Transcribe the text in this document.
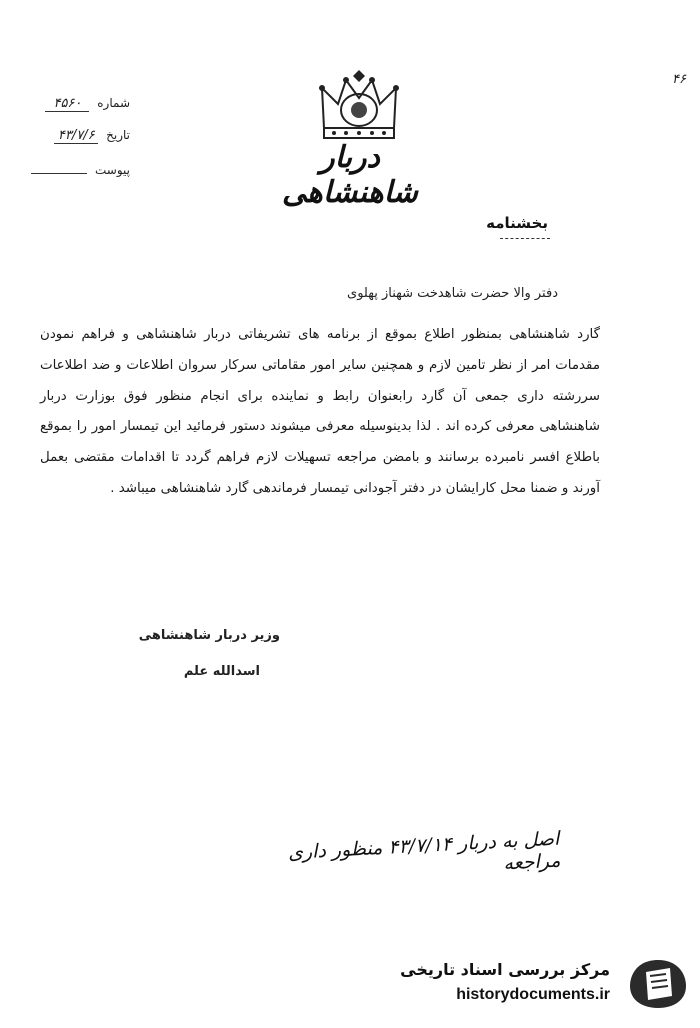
۴۶
دربار شاهنشاهی
شماره ۴۵۶۰
تاریخ ۴۳/۷/۶
پیوست
بخشنامه
دفتر والا حضرت شاهدخت شهناز پهلوی
گارد شاهنشاهی بمنظور اطلاع بموقع از برنامه های تشریفاتی دربار شاهنشاهی و فراهم نمودن مقدمات امر از نظر تامین لازم و همچنین سایر امور مقاماتی سرکار سروان اطلاعات و ضد اطلاعات سررشته داری جمعی آن گارد رابعنوان رابط و نماینده برای انجام منظور فوق بوزارت دربار شاهنشاهی معرفی کرده اند . لذا بدینوسیله معرفی میشوند دستور فرمائید این تیمسار امور را بموقع باطلاع افسر نامبرده برسانند و بامضن مراجعه تسهیلات لازم فراهم گردد تا اقدامات مقتضی بعمل آورند و ضمنا محل کارایشان در دفتر آجودانی تیمسار فرماندهی گارد شاهنشاهی میباشد .
وزیر دربار شاهنشاهی
اسدالله علم
اصل به دربار ۴۳/۷/۱۴ منظور داری مراجعه
مرکز بررسی اسناد تاریخی
historydocuments.ir
